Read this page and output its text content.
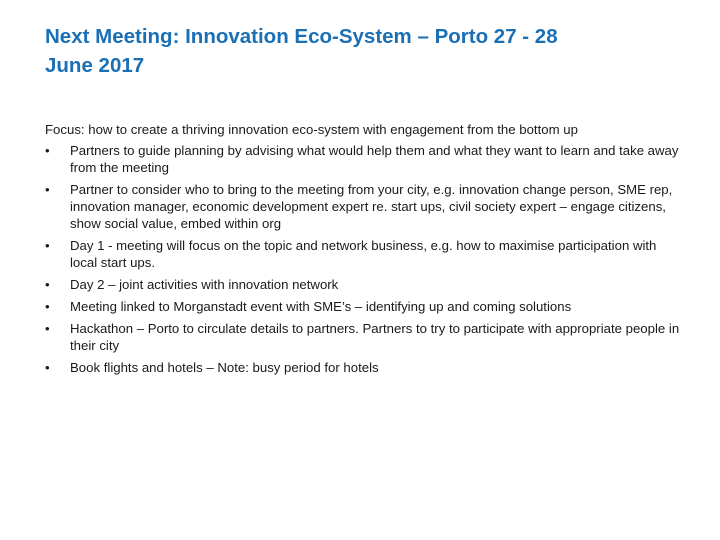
Next Meeting: Innovation Eco-System – Porto 27 - 28
June 2017

Focus: how to create a thriving innovation eco-system with engagement from the bottom up

•	Partners to guide planning by advising what would help them and what they want to learn and take away from the meeting
•	Partner to consider who to bring to the meeting from your city, e.g. innovation change person, SME rep, innovation manager, economic development expert re. start ups, civil society expert – engage citizens, show social value, embed within org
•	Day 1 - meeting will focus on the topic and network business, e.g. how to maximise participation with local start ups.
•	Day 2 – joint activities with innovation network
•	Meeting linked to Morganstadt event with SME’s – identifying up and coming solutions
•	Hackathon – Porto to circulate details to partners. Partners to try to participate with appropriate people in their city
•	Book flights and hotels – Note: busy period for hotels
